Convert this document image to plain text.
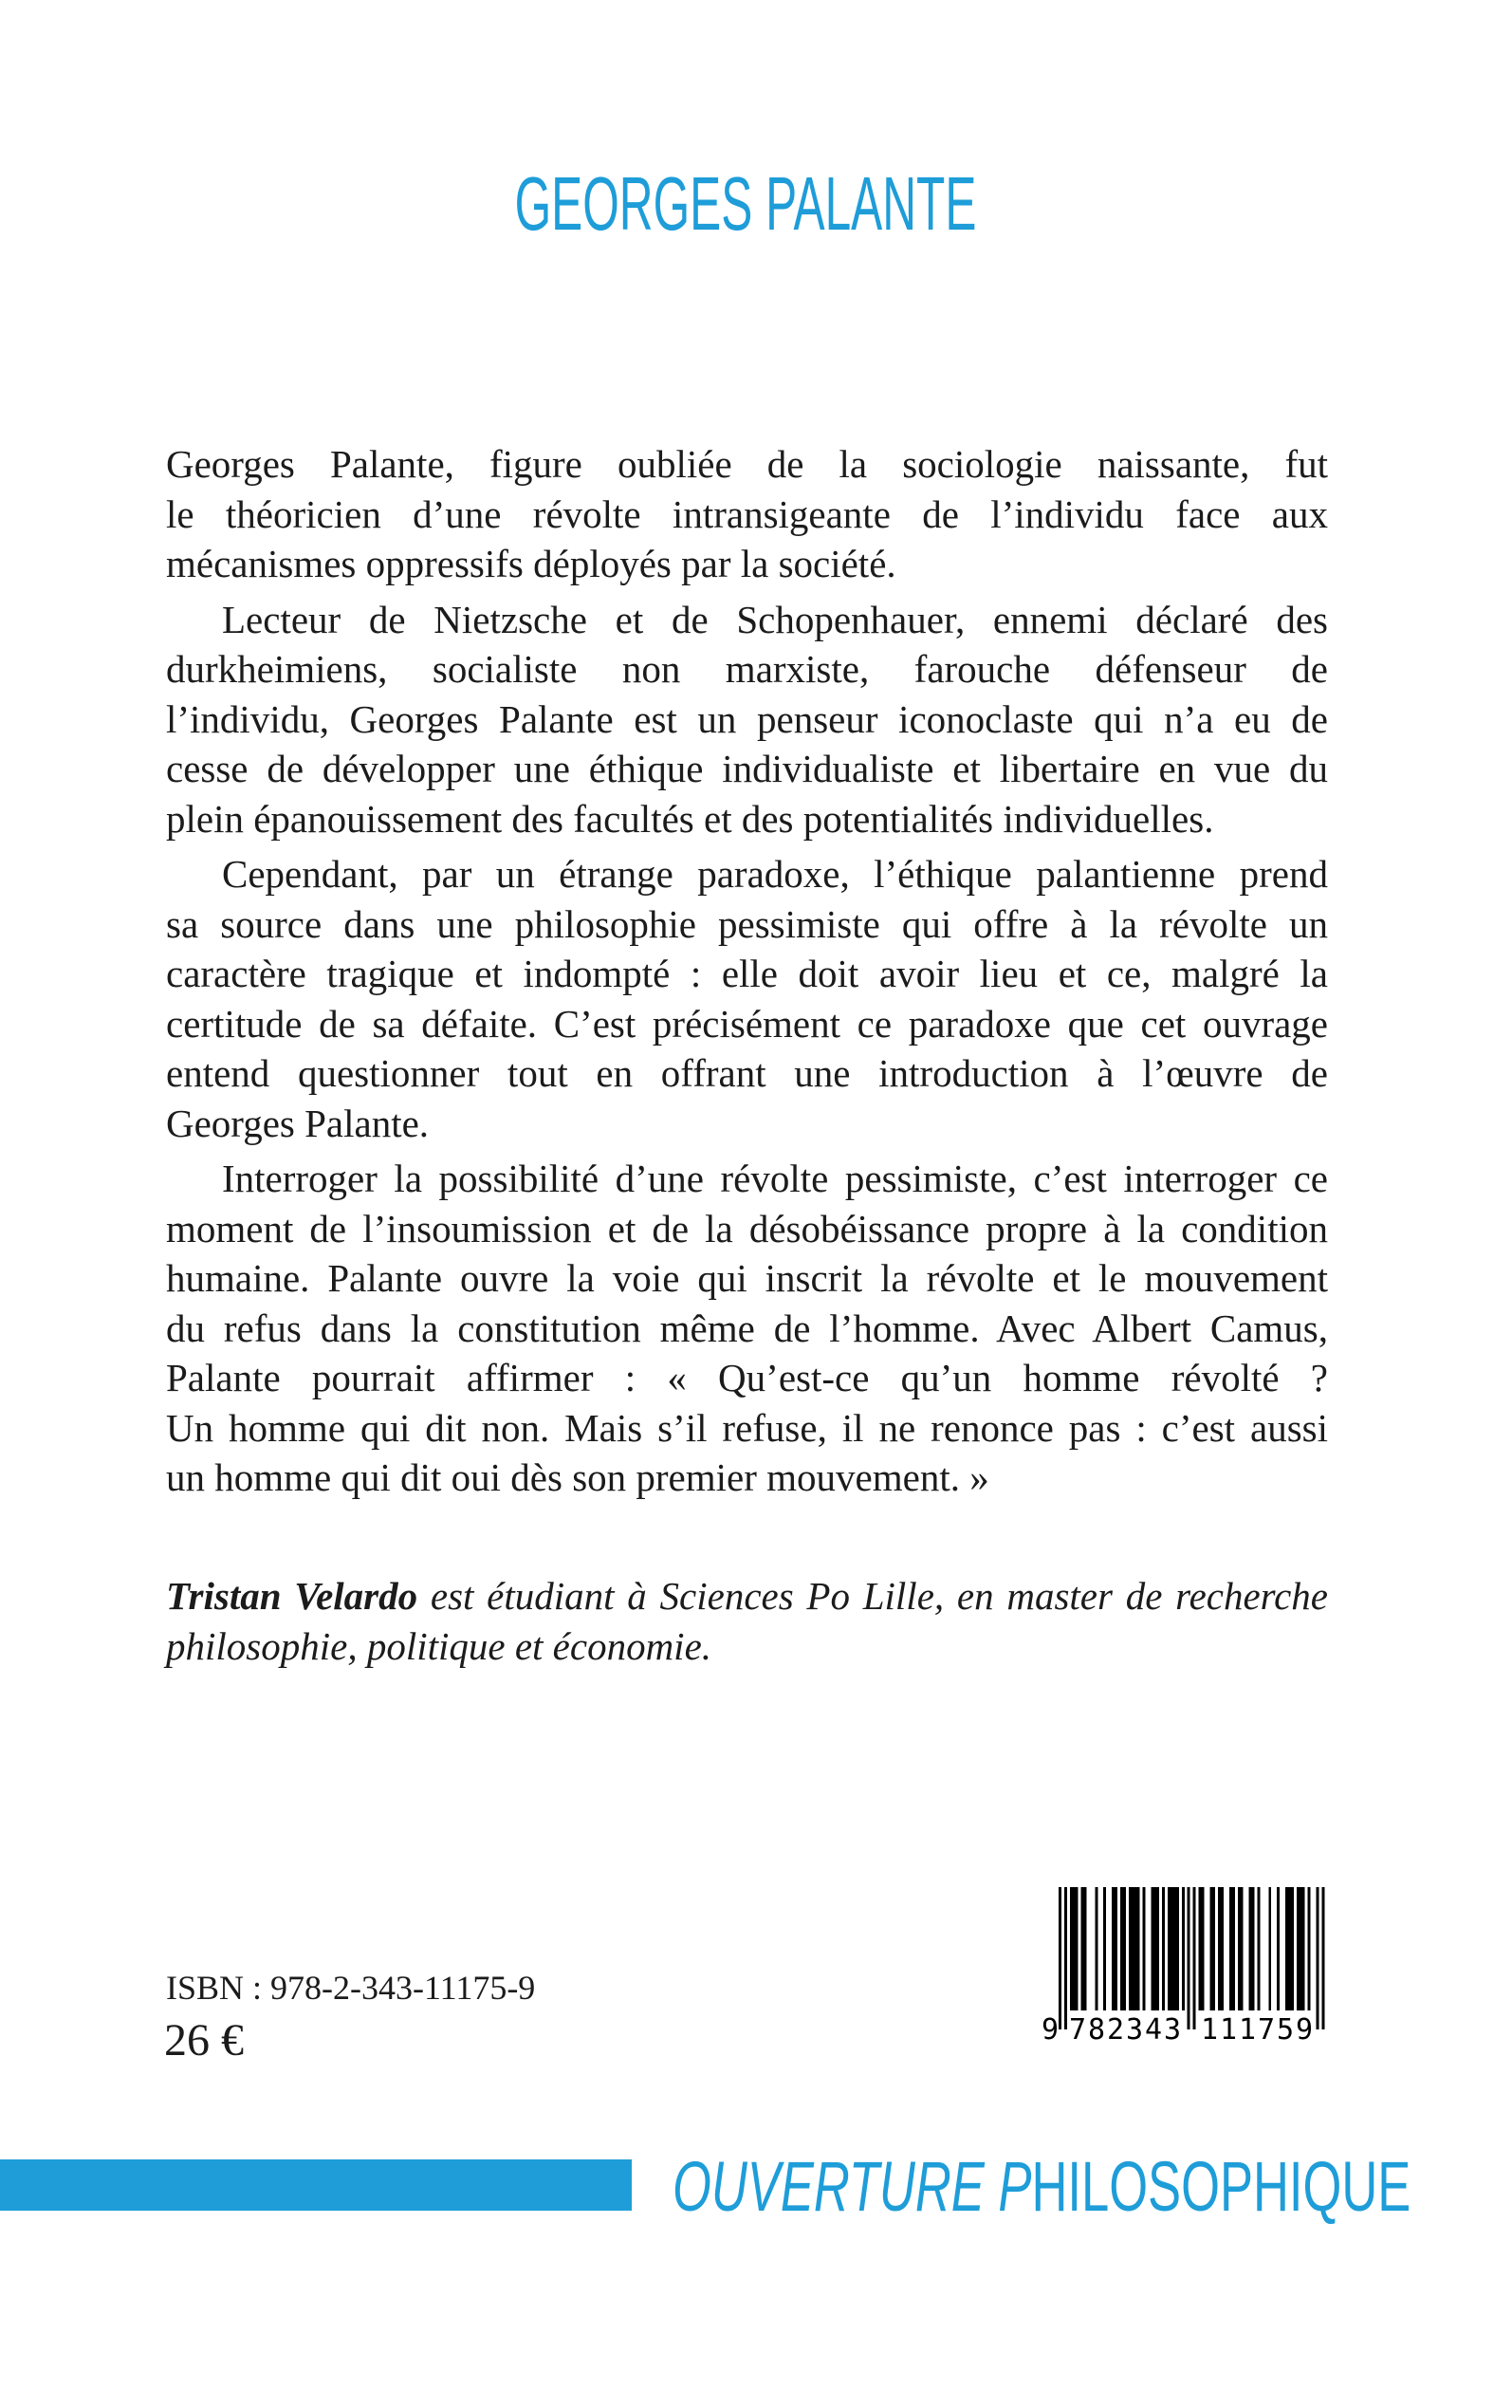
GEORGES PALANTE
Georges Palante, figure oubliée de la sociologie naissante, fut
le théoricien d’une révolte intransigeante de l’individu face aux
mécanismes oppressifs déployés par la société.
Lecteur de Nietzsche et de Schopenhauer, ennemi déclaré des
durkheimiens, socialiste non marxiste, farouche défenseur de
l’individu, Georges Palante est un penseur iconoclaste qui n’a eu de
cesse de développer une éthique individualiste et libertaire en vue du
plein épanouissement des facultés et des potentialités individuelles.
Cependant, par un étrange paradoxe, l’éthique palantienne prend
sa source dans une philosophie pessimiste qui offre à la révolte un
caractère tragique et indompté : elle doit avoir lieu et ce, malgré la
certitude de sa défaite. C’est précisément ce paradoxe que cet ouvrage
entend questionner tout en offrant une introduction à l’œuvre de
Georges Palante.
Interroger la possibilité d’une révolte pessimiste, c’est interroger ce
moment de l’insoumission et de la désobéissance propre à la condition
humaine. Palante ouvre la voie qui inscrit la révolte et le mouvement
du refus dans la constitution même de l’homme. Avec Albert Camus,
Palante pourrait affirmer : « Qu’est-ce qu’un homme révolté ?
Un homme qui dit non. Mais s’il refuse, il ne renonce pas : c’est aussi
un homme qui dit oui dès son premier mouvement. »
Tristan Velardo est étudiant à Sciences Po Lille, en master de recherche
philosophie, politique et économie.
ISBN : 978-2-343-11175-9
26 €	9 782343 111759
OUVERTURE PHILOSOPHIQUE
